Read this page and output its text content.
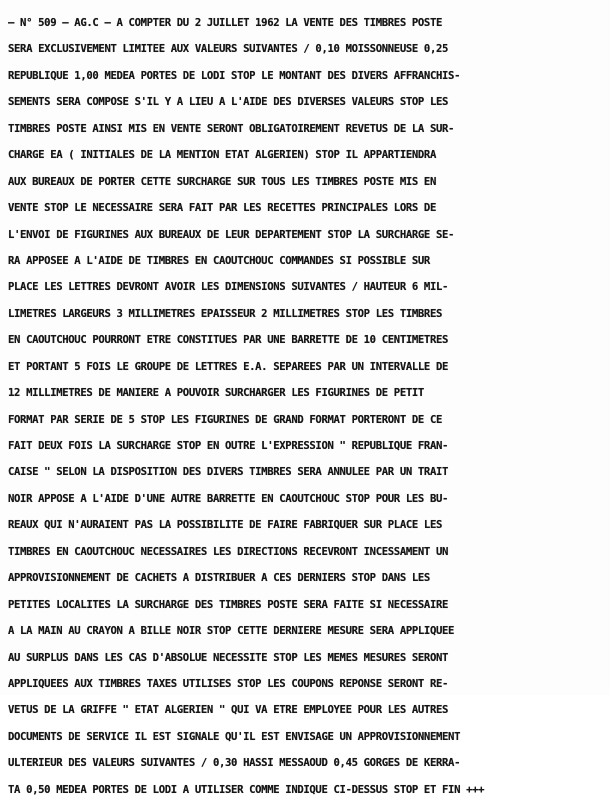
– N° 509 – AG.C – A COMPTER DU 2 JUILLET 1962 LA VENTE DES TIMBRES POSTE
SERA EXCLUSIVEMENT LIMITEE AUX VALEURS SUIVANTES / 0,10 MOISSONNEUSE 0,25
REPUBLIQUE 1,00 MEDEA PORTES DE LODI STOP LE MONTANT DES DIVERS AFFRANCHIS-
SEMENTS SERA COMPOSE S'IL Y A LIEU A L'AIDE DES DIVERSES VALEURS STOP LES
TIMBRES POSTE AINSI MIS EN VENTE SERONT OBLIGATOIREMENT REVETUS DE LA SUR-
CHARGE EA ( INITIALES DE LA MENTION ETAT ALGERIEN) STOP IL APPARTIENDRA
AUX BUREAUX DE PORTER CETTE SURCHARGE SUR TOUS LES TIMBRES POSTE MIS EN
VENTE STOP LE NECESSAIRE SERA FAIT PAR LES RECETTES PRINCIPALES LORS DE
L'ENVOI DE FIGURINES AUX BUREAUX DE LEUR DEPARTEMENT STOP LA SURCHARGE SE-
RA APPOSEE A L'AIDE DE TIMBRES EN CAOUTCHOUC COMMANDES SI POSSIBLE SUR
PLACE LES LETTRES DEVRONT AVOIR LES DIMENSIONS SUIVANTES / HAUTEUR 6 MIL-
LIMETRES LARGEURS 3 MILLIMETRES EPAISSEUR 2 MILLIMETRES STOP LES TIMBRES
EN CAOUTCHOUC POURRONT ETRE CONSTITUES PAR UNE BARRETTE DE 10 CENTIMETRES
ET PORTANT 5 FOIS LE GROUPE DE LETTRES E.A. SEPAREES PAR UN INTERVALLE DE
12 MILLIMETRES DE MANIERE A POUVOIR SURCHARGER LES FIGURINES DE PETIT
FORMAT PAR SERIE DE 5 STOP LES FIGURINES DE GRAND FORMAT PORTERONT DE CE
FAIT DEUX FOIS LA SURCHARGE STOP EN OUTRE L'EXPRESSION " REPUBLIQUE FRAN-
CAISE " SELON LA DISPOSITION DES DIVERS TIMBRES SERA ANNULEE PAR UN TRAIT
NOIR APPOSE A L'AIDE D'UNE AUTRE BARRETTE EN CAOUTCHOUC STOP POUR LES BU-
REAUX QUI N'AURAIENT PAS LA POSSIBILITE DE FAIRE FABRIQUER SUR PLACE LES
TIMBRES EN CAOUTCHOUC NECESSAIRES LES DIRECTIONS RECEVRONT INCESSAMENT UN
APPROVISIONNEMENT DE CACHETS A DISTRIBUER A CES DERNIERS STOP DANS LES
PETITES LOCALITES LA SURCHARGE DES TIMBRES POSTE SERA FAITE SI NECESSAIRE
A LA MAIN AU CRAYON A BILLE NOIR STOP CETTE DERNIERE MESURE SERA APPLIQUEE
AU SURPLUS DANS LES CAS D'ABSOLUE NECESSITE STOP LES MEMES MESURES SERONT
APPLIQUEES AUX TIMBRES TAXES UTILISES STOP LES COUPONS REPONSE SERONT RE-
VETUS DE LA GRIFFE " ETAT ALGERIEN " QUI VA ETRE EMPLOYEE POUR LES AUTRES
DOCUMENTS DE SERVICE IL EST SIGNALE QU'IL EST ENVISAGE UN APPROVISIONNEMENT
ULTERIEUR DES VALEURS SUIVANTES / 0,30 HASSI MESSAOUD 0,45 GORGES DE KERRA-
TA 0,50 MEDEA PORTES DE LODI A UTILISER COMME INDIQUE CI-DESSUS STOP ET FIN +++
